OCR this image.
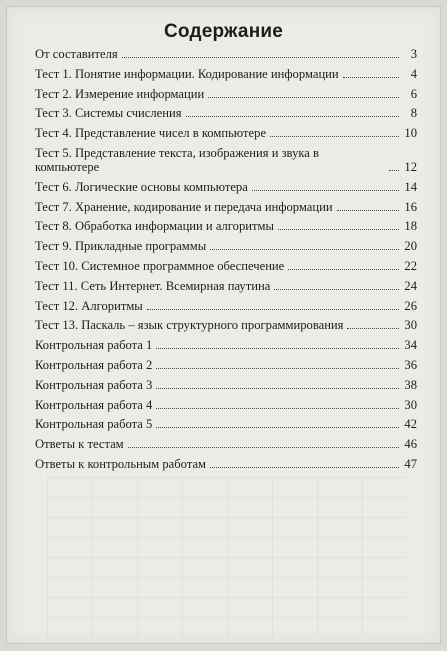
Содержание
От составителя	3
Тест 1. Понятие информации. Кодирование информации	4
Тест 2. Измерение информации	6
Тест 3. Системы счисления	8
Тест 4. Представление чисел в компьютере	10
Тест 5. Представление текста, изображения и звука в компьютере	12
Тест 6. Логические основы компьютера	14
Тест 7. Хранение, кодирование и передача информации	16
Тест 8. Обработка информации и алгоритмы	18
Тест 9. Прикладные программы	20
Тест 10. Системное программное обеспечение	22
Тест 11. Сеть Интернет. Всемирная паутина	24
Тест 12. Алгоритмы	26
Тест 13. Паскаль – язык структурного программирования	30
Контрольная работа 1	34
Контрольная работа 2	36
Контрольная работа 3	38
Контрольная работа 4	30
Контрольная работа 5	42
Ответы к тестам	46
Ответы к контрольным работам	47
